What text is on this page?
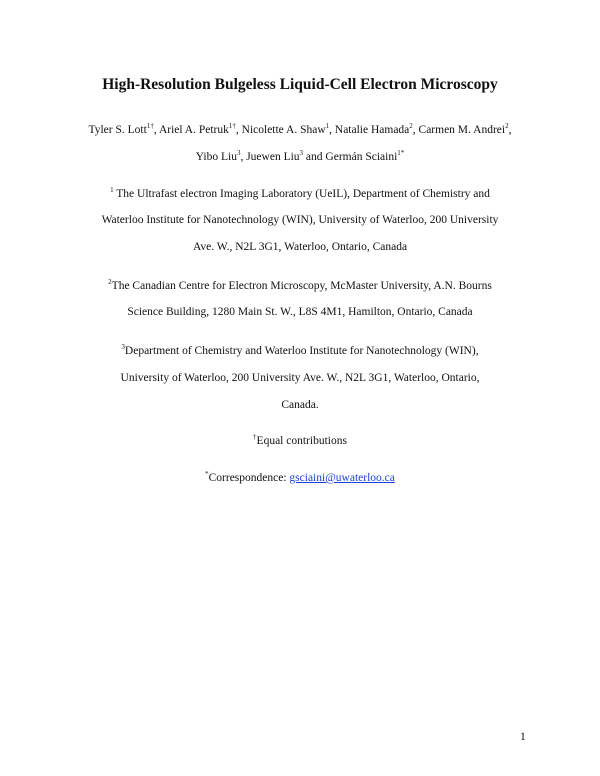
High-Resolution Bulgeless Liquid-Cell Electron Microscopy
Tyler S. Lott$^{1\dagger}$, Ariel A. Petruk$^{1\dagger}$, Nicolette A. Shaw$^1$, Natalie Hamada$^2$, Carmen M. Andrei$^2$,
Yibo Liu$^3$, Juewen Liu$^3$ and Germán Sciaini$^{1*}$
$^1$ The Ultrafast electron Imaging Laboratory (UeIL), Department of Chemistry and
Waterloo Institute for Nanotechnology (WIN), University of Waterloo, 200 University
Ave. W., N2L 3G1, Waterloo, Ontario, Canada
$^2$The Canadian Centre for Electron Microscopy, McMaster University, A.N. Bourns
Science Building, 1280 Main St. W., L8S 4M1, Hamilton, Ontario, Canada
$^3$Department of Chemistry and Waterloo Institute for Nanotechnology (WIN),
University of Waterloo, 200 University Ave. W., N2L 3G1, Waterloo, Ontario,
Canada.
†Equal contributions
*Correspondence: gsciaini@uwaterloo.ca
1
